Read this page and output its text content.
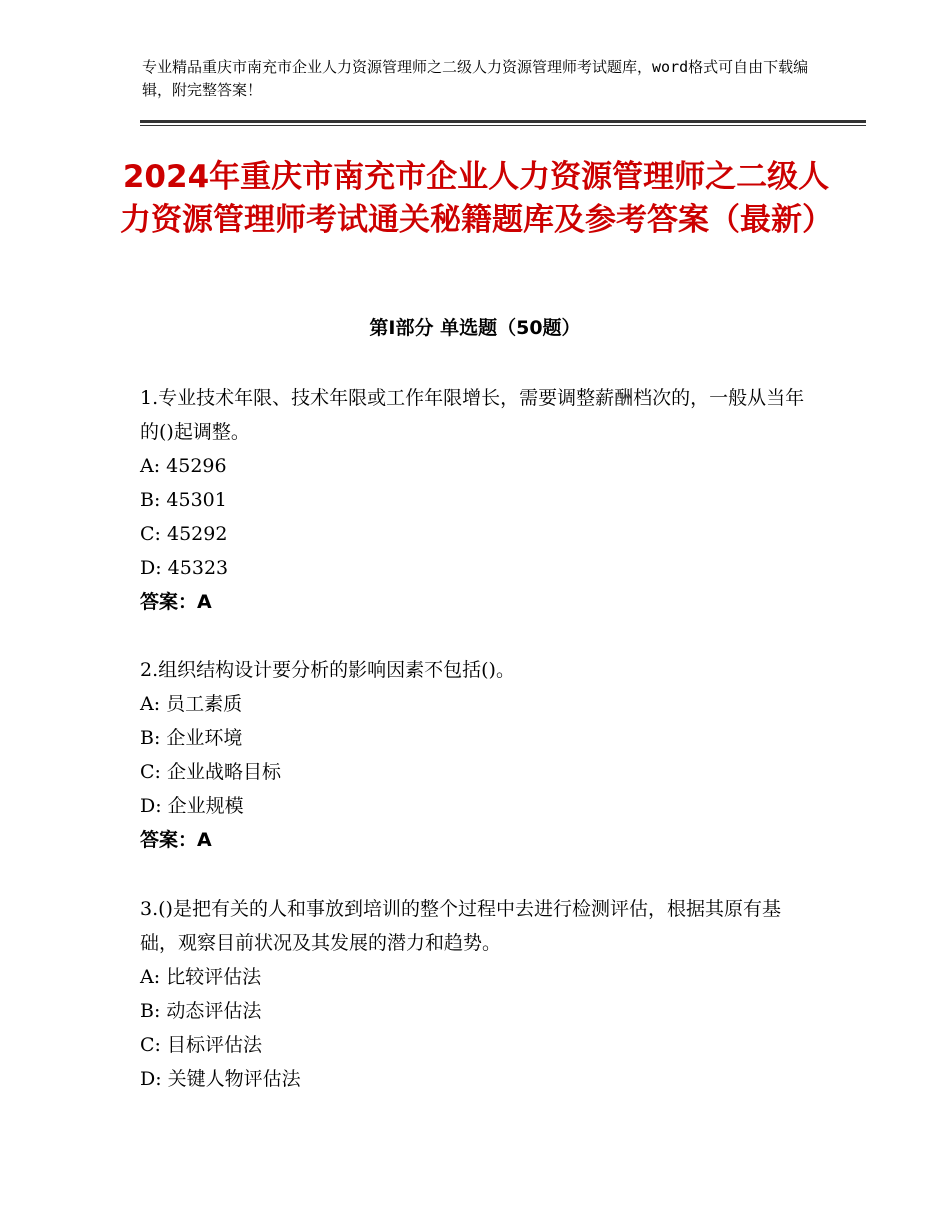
专业精品重庆市南充市企业人力资源管理师之二级人力资源管理师考试题库，word格式可自由下载编辑，附完整答案！
2024年重庆市南充市企业人力资源管理师之二级人力资源管理师考试通关秘籍题库及参考答案（最新）
第Ⅰ部分 单选题（50题）
1.专业技术年限、技术年限或工作年限增长，需要调整薪酬档次的，一般从当年的()起调整。
A: 45296
B: 45301
C: 45292
D: 45323
答案：A
2.组织结构设计要分析的影响因素不包括()。
A: 员工素质
B: 企业环境
C: 企业战略目标
D: 企业规模
答案：A
3.()是把有关的人和事放到培训的整个过程中去进行检测评估，根据其原有基础，观察目前状况及其发展的潜力和趋势。
A: 比较评估法
B: 动态评估法
C: 目标评估法
D: 关键人物评估法
